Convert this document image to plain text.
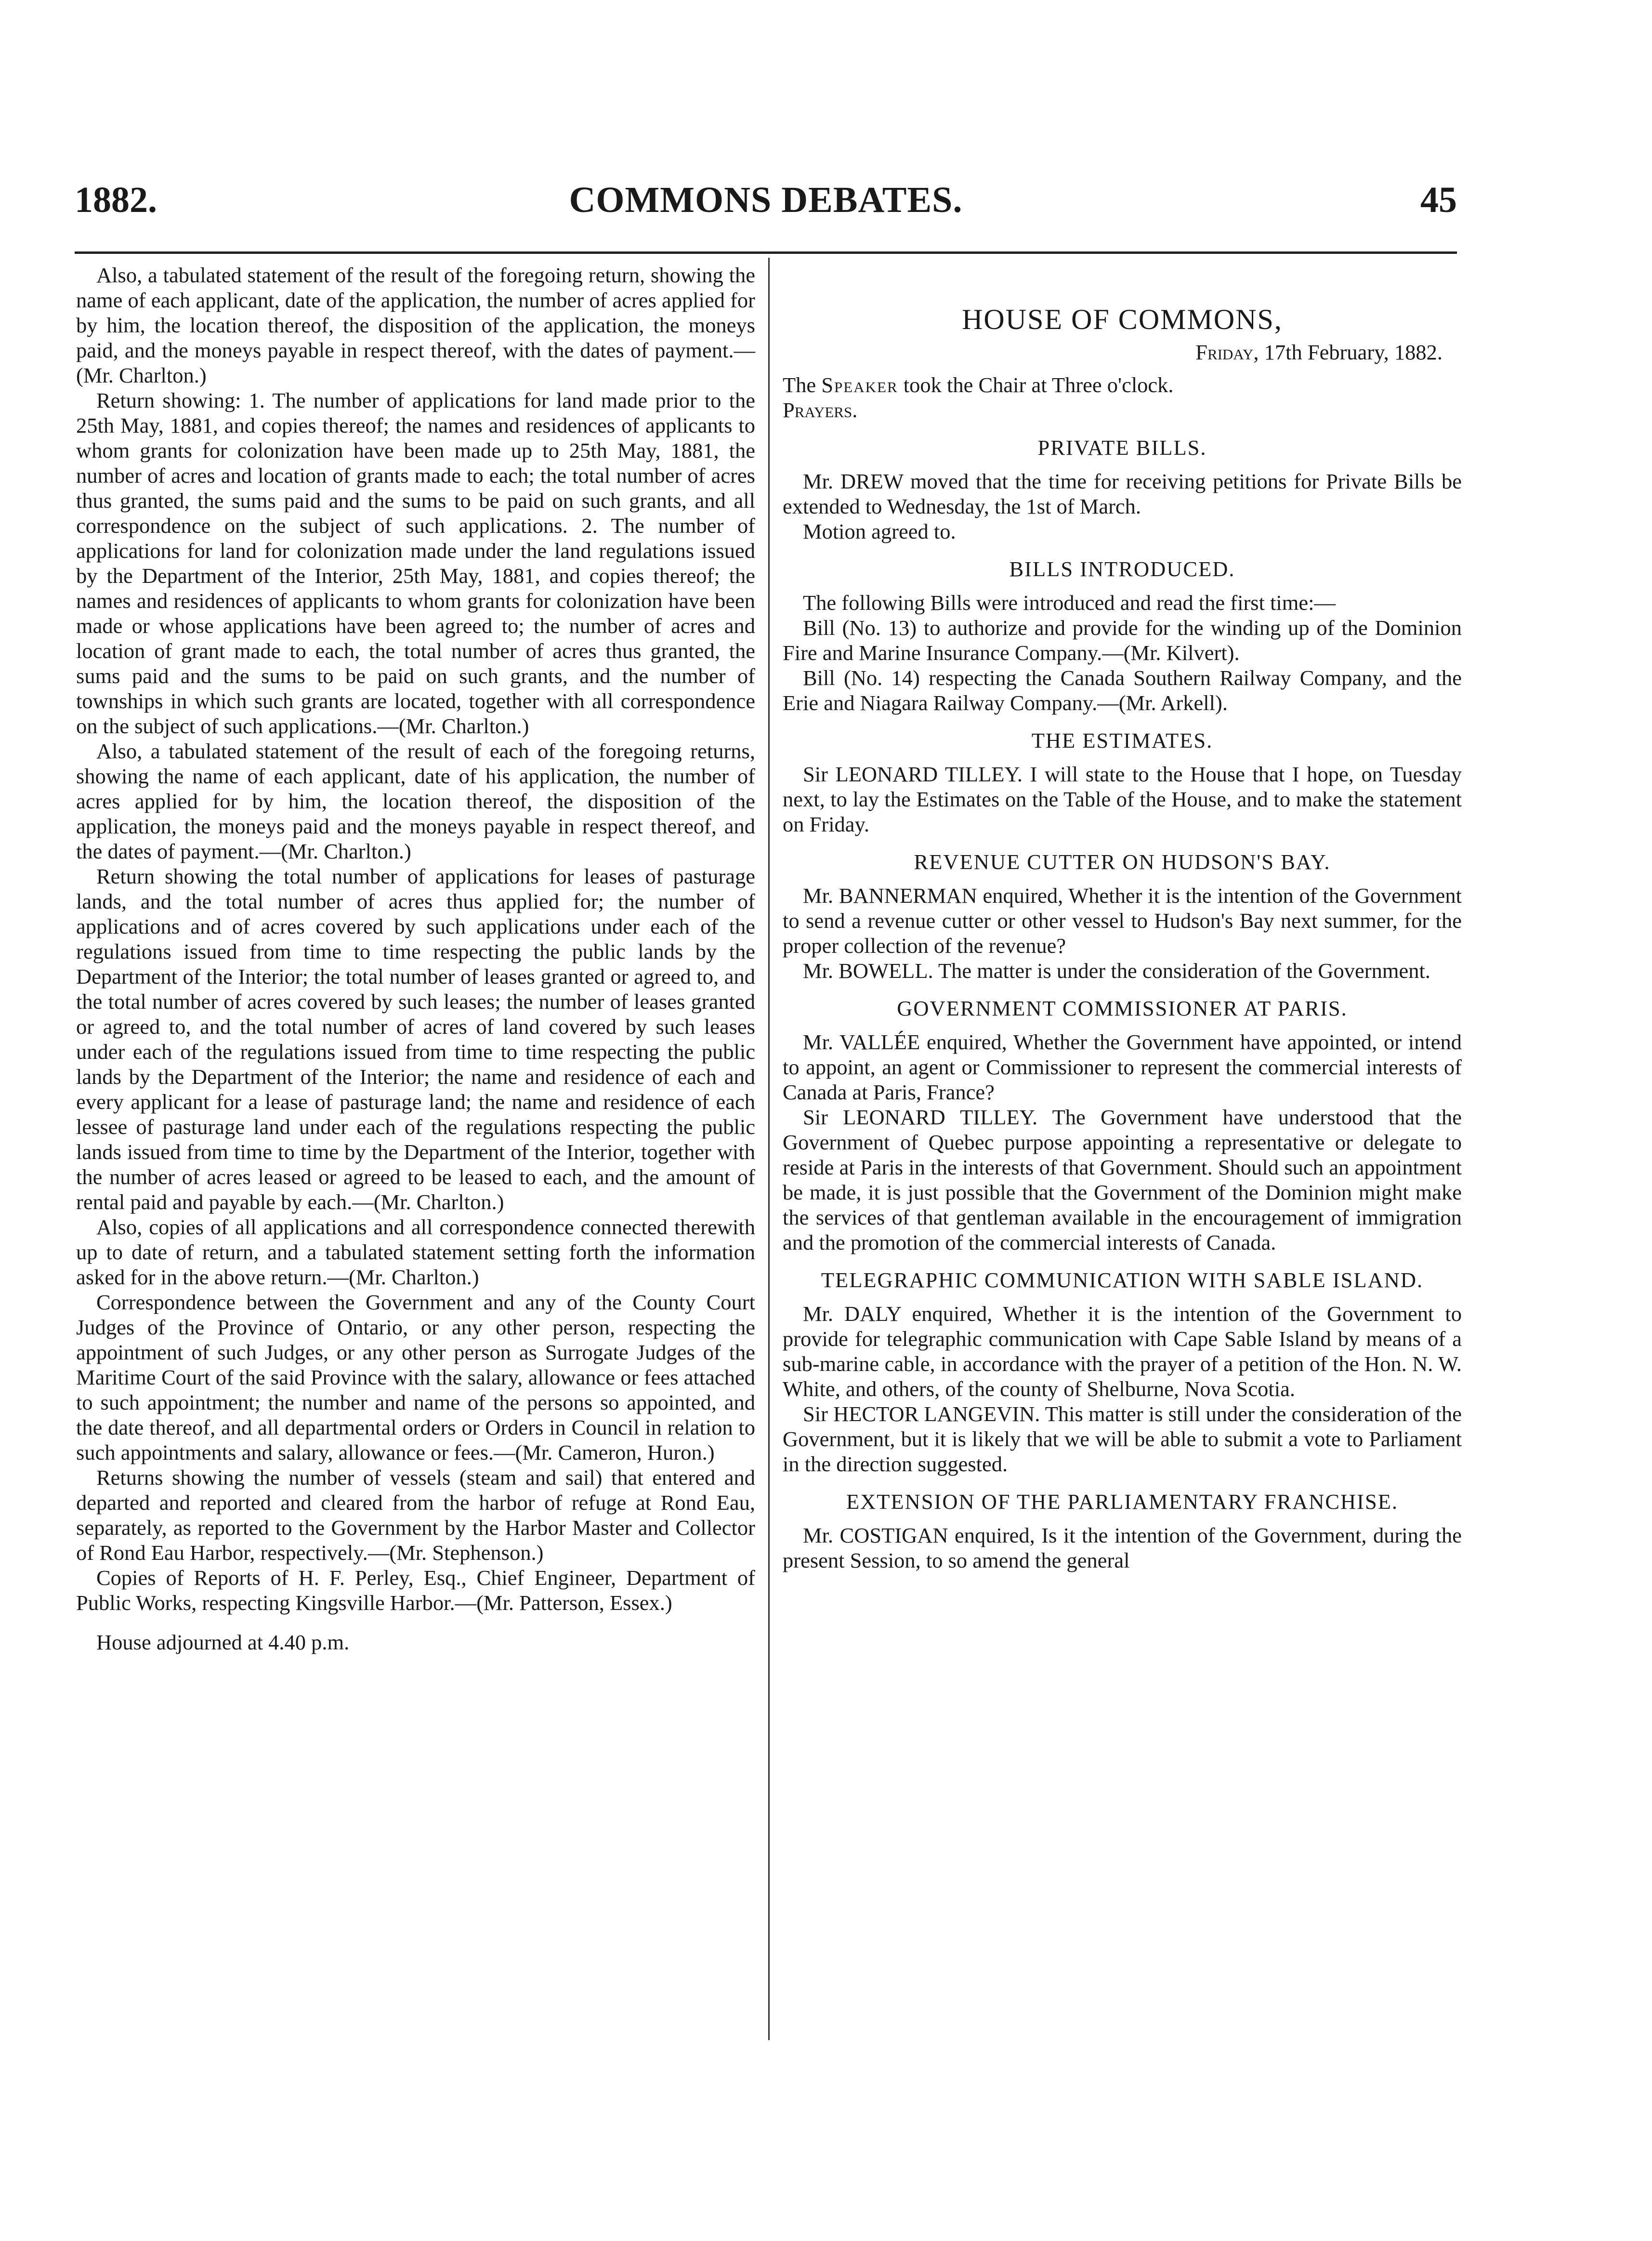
1882.	COMMONS DEBATES.	45

Also, a tabulated statement of the result of the foregoing return, showing the name of each applicant, date of the application, the number of acres applied for by him, the location thereof, the disposition of the application, the moneys paid, and the moneys payable in respect thereof, with the dates of payment.—(Mr. Charlton.)

Return showing: 1. The number of applications for land made prior to the 25th May, 1881, and copies thereof; the names and residences of applicants to whom grants for colonization have been made up to 25th May, 1881, the number of acres and location of grants made to each; the total number of acres thus granted, the sums paid and the sums to be paid on such grants, and all correspondence on the subject of such applications. 2. The number of applications for land for colonization made under the land regulations issued by the Department of the Interior, 25th May, 1881, and copies thereof; the names and residences of applicants to whom grants for colonization have been made or whose applications have been agreed to; the number of acres and location of grant made to each, the total number of acres thus granted, the sums paid and the sums to be paid on such grants, and the number of townships in which such grants are located, together with all correspondence on the subject of such applications.—(Mr. Charlton.)

Also, a tabulated statement of the result of each of the foregoing returns, showing the name of each applicant, date of his application, the number of acres applied for by him, the location thereof, the disposition of the application, the moneys paid and the moneys payable in respect thereof, and the dates of payment.—(Mr. Charlton.)

Return showing the total number of applications for leases of pasturage lands, and the total number of acres thus applied for; the number of applications and of acres covered by such applications under each of the regulations issued from time to time respecting the public lands by the Department of the Interior; the total number of leases granted or agreed to, and the total number of acres covered by such leases; the number of leases granted or agreed to, and the total number of acres of land covered by such leases under each of the regulations issued from time to time respecting the public lands by the Department of the Interior; the name and residence of each and every applicant for a lease of pasturage land; the name and residence of each lessee of pasturage land under each of the regulations respecting the public lands issued from time to time by the Department of the Interior, together with the number of acres leased or agreed to be leased to each, and the amount of rental paid and payable by each.—(Mr. Charlton.)

Also, copies of all applications and all correspondence connected therewith up to date of return, and a tabulated statement setting forth the information asked for in the above return.—(Mr. Charlton.)

Correspondence between the Government and any of the County Court Judges of the Province of Ontario, or any other person, respecting the appointment of such Judges, or any other person as Surrogate Judges of the Maritime Court of the said Province with the salary, allowance or fees attached to such appointment; the number and name of the persons so appointed, and the date thereof, and all departmental orders or Orders in Council in relation to such appointments and salary, allowance or fees.—(Mr. Cameron, Huron.)

Returns showing the number of vessels (steam and sail) that entered and departed and reported and cleared from the harbor of refuge at Rond Eau, separately, as reported to the Government by the Harbor Master and Collector of Rond Eau Harbor, respectively.—(Mr. Stephenson.)

Copies of Reports of H. F. Perley, Esq., Chief Engineer, Department of Public Works, respecting Kingsville Harbor.—(Mr. Patterson, Essex.)

House adjourned at 4.40 p.m.

HOUSE OF COMMONS,
Friday, 17th February, 1882.

The Speaker took the Chair at Three o'clock.

Prayers.

PRIVATE BILLS.

Mr. DREW moved that the time for receiving petitions for Private Bills be extended to Wednesday, the 1st of March.

Motion agreed to.

BILLS INTRODUCED.

The following Bills were introduced and read the first time:—

Bill (No. 13) to authorize and provide for the winding up of the Dominion Fire and Marine Insurance Company.—(Mr. Kilvert).

Bill (No. 14) respecting the Canada Southern Railway Company, and the Erie and Niagara Railway Company.—(Mr. Arkell).

THE ESTIMATES.

Sir LEONARD TILLEY. I will state to the House that I hope, on Tuesday next, to lay the Estimates on the Table of the House, and to make the statement on Friday.

REVENUE CUTTER ON HUDSON'S BAY.

Mr. BANNERMAN enquired, Whether it is the intention of the Government to send a revenue cutter or other vessel to Hudson's Bay next summer, for the proper collection of the revenue?

Mr. BOWELL. The matter is under the consideration of the Government.

GOVERNMENT COMMISSIONER AT PARIS.

Mr. VALLÉE enquired, Whether the Government have appointed, or intend to appoint, an agent or Commissioner to represent the commercial interests of Canada at Paris, France?

Sir LEONARD TILLEY. The Government have understood that the Government of Quebec purpose appointing a representative or delegate to reside at Paris in the interests of that Government. Should such an appointment be made, it is just possible that the Government of the Dominion might make the services of that gentleman available in the encouragement of immigration and the promotion of the commercial interests of Canada.

TELEGRAPHIC COMMUNICATION WITH SABLE ISLAND.

Mr. DALY enquired, Whether it is the intention of the Government to provide for telegraphic communication with Cape Sable Island by means of a sub-marine cable, in accordance with the prayer of a petition of the Hon. N. W. White, and others, of the county of Shelburne, Nova Scotia.

Sir HECTOR LANGEVIN. This matter is still under the consideration of the Government, but it is likely that we will be able to submit a vote to Parliament in the direction suggested.

EXTENSION OF THE PARLIAMENTARY FRANCHISE.

Mr. COSTIGAN enquired, Is it the intention of the Government, during the present Session, to so amend the general
